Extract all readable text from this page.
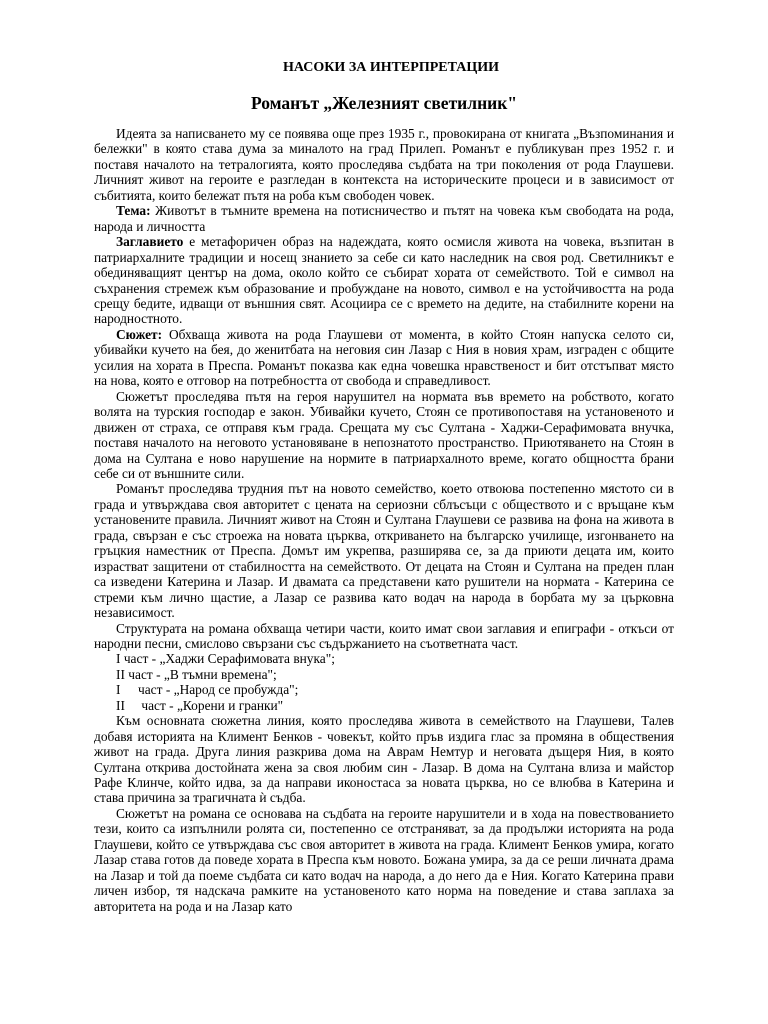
НАСОКИ ЗА ИНТЕРПРЕТАЦИИ

Романът „Железният светилник"

Идеята за написването му се появява още през 1935 г., провокирана от книгата „Възпоминания и бележки" в която става дума за миналото на град Прилеп. Романът е публикуван през 1952 г. и поставя началото на тетралогията, която проследява съдбата на три поколения от рода Глаушеви. Личният живот на героите е разгледан в контекста на историческите процеси и в зависимост от събитията, които бележат пътя на роба към свободен човек.

Тема: Животът в тъмните времена на потисничество и пътят на човека към свободата на рода, народа и личността

Заглавието е метафоричен образ на надеждата, която осмисля живота на човека, възпитан в патриархалните традиции и носещ знанието за себе си като наследник на своя род. Светилникът е обединяващият център на дома, около който се събират хората от семейството. Той е символ на съхранения стремеж към образование и пробуждане на новото, символ е на устойчивостта на рода срещу бедите, идващи от външния свят. Асоциира се с времето на дедите, на стабилните корени на народностното.

Сюжет: Обхваща живота на рода Глаушеви от момента, в който Стоян напуска селото си, убивайки кучето на бея, до женитбата на неговия син Лазар с Ния в новия храм, изграден с общите усилия на хората в Преспа. Романът показва как една човешка нравственост и бит отстъпват място на нова, която е отговор на потребността от свобода и справедливост.

Сюжетът проследява пътя на героя нарушител на нормата във времето на робството, когато волята на турския господар е закон. Убивайки кучето, Стоян се противопоставя на установеното и движен от страха, се отправя към града. Срещата му със Султана - Хаджи-Серафимовата внучка, поставя началото на неговото установяване в непознатото пространство. Приютяването на Стоян в дома на Султана е ново нарушение на нормите в патриархалното време, когато общността брани себе си от външните сили.

Романът проследява трудния път на новото семейство, което отвоюва постепенно мястото си в града и утвърждава своя авторитет с цената на сериозни сблъсъци с обществото и с връщане към установените правила. Личният живот на Стоян и Султана Глаушеви се развива на фона на живота в града, свързан е със строежа на новата църква, откриването на българско училище, изгонването на гръцкия наместник от Преспа. Домът им укрепва, разширява се, за да приюти децата им, които израстват защитени от стабилността на семейството. От децата на Стоян и Султана на преден план са изведени Катерина и Лазар. И двамата са представени като рушители на нормата - Катерина се стреми към лично щастие, а Лазар се развива като водач на народа в борбата му за църковна независимост.

Структурата на романа обхваща четири части, които имат свои заглавия и епиграфи - откъси от народни песни, смислово свързани със съдържанието на съответната част.

I част - „Хаджи Серафимовата внука";
II част - „В тъмни времена";
I част - „Народ се пробужда";
II част - „Корени и гранки"

Към основната сюжетна линия, която проследява живота в семейството на Глаушеви, Талев добавя историята на Климент Бенков - човекът, който пръв издига глас за промяна в обществения живот на града. Друга линия разкрива дома на Аврам Немтур и неговата дъщеря Ния, в която Султана открива достойната жена за своя любим син - Лазар. В дома на Султана влиза и майстор Рафе Клинче, който идва, за да направи иконостаса за новата църква, но се влюбва в Катерина и става причина за трагичната ѝ съдба.

Сюжетът на романа се основава на съдбата на героите нарушители и в хода на повествованието тези, които са изпълнили ролята си, постепенно се отстраняват, за да продължи историята на рода Глаушеви, който се утвърждава със своя авторитет в живота на града. Климент Бенков умира, когато Лазар става готов да поведе хората в Преспа към новото. Божана умира, за да се реши личната драма на Лазар и той да поеме съдбата си като водач на народа, а до него да е Ния. Когато Катерина прави личен избор, тя надскача рамките на установеното като норма на поведение и става заплаха за авторитета на рода и на Лазар като
